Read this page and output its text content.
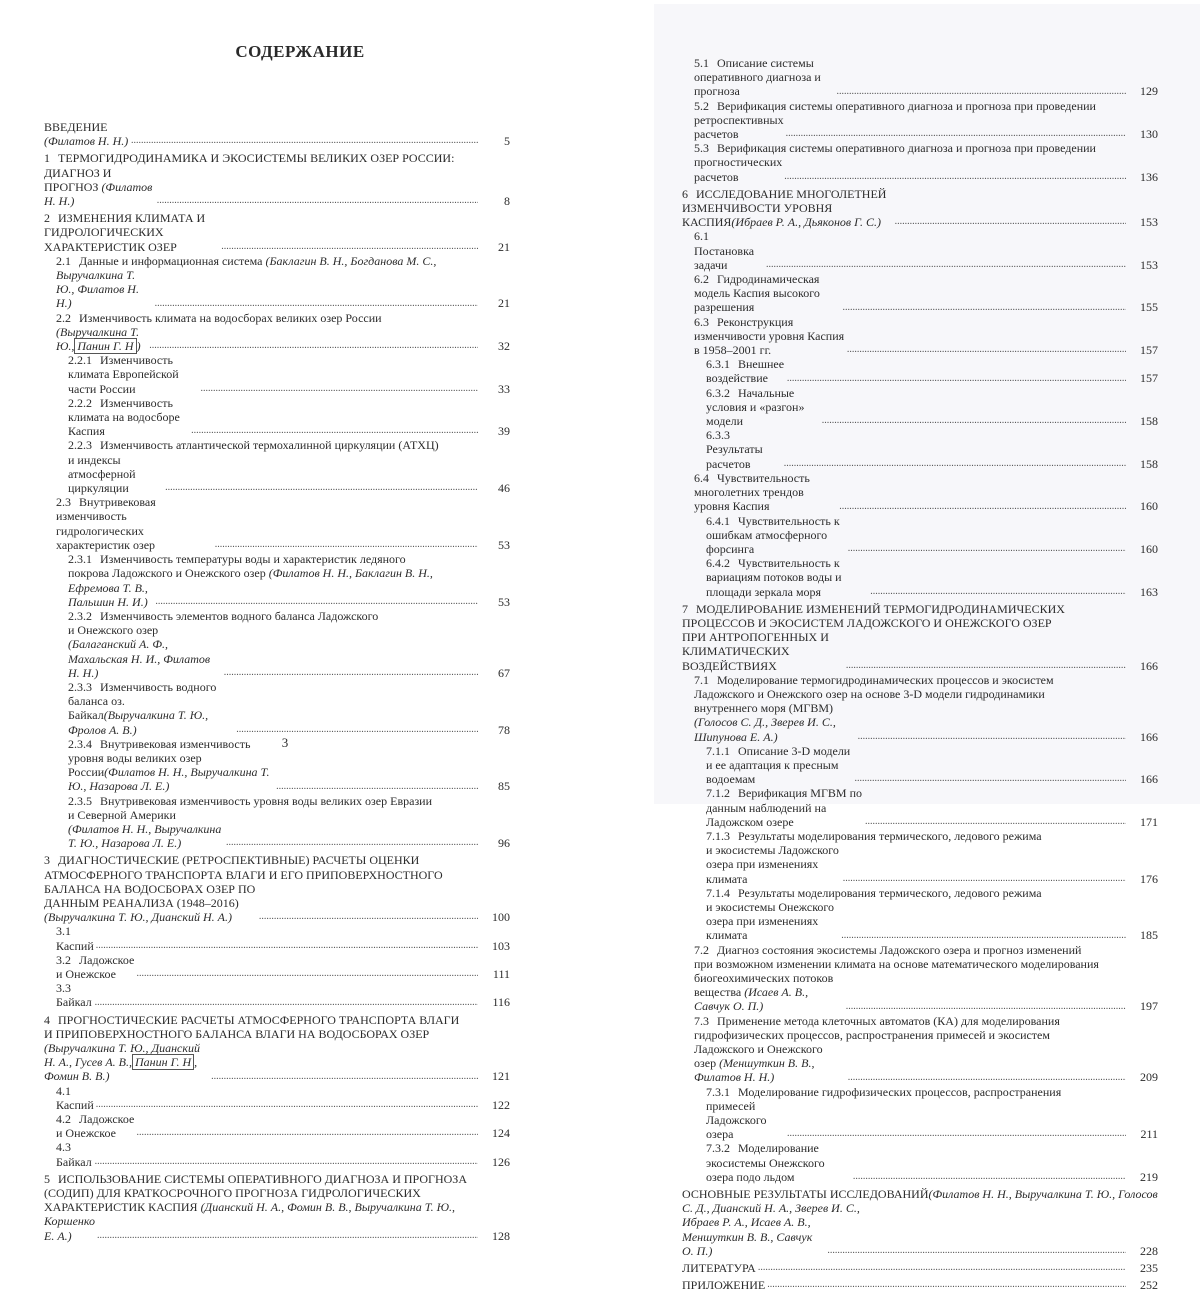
СОДЕРЖАНИЕ
ВВЕДЕНИЕ (Филатов Н. Н.) .....	5
1 ТЕРМОГИДРОДИНАМИКА И ЭКОСИСТЕМЫ ВЕЛИКИХ ОЗЕР РОССИИ:
ДИАГНОЗ И ПРОГНОЗ (Филатов Н. Н.) .....	8
2 ИЗМЕНЕНИЯ КЛИМАТА И ГИДРОЛОГИЧЕСКИХ ХАРАКТЕРИСТИК ОЗЕР .....	21
2.1 Данные и информационная система (Баклагин В. Н., Богданова М. С.,
Выручалкина Т. Ю., Филатов Н. Н.) .....	21
2.2 Изменчивость климата на водосборах великих озер России
(Выручалкина Т. Ю., Панин Г. Н ) .....	32
2.2.1 Изменчивость климата Европейской части России .....	33
2.2.2 Изменчивость климата на водосборе Каспия .....	39
2.2.3 Изменчивость атлантической термохалинной циркуляции (АТХЦ)
и индексы атмосферной циркуляции .....	46
2.3 Внутривековая изменчивость гидрологических характеристик озер .....	53
2.3.1 Изменчивость температуры воды и характеристик ледяного
покрова Ладожского и Онежского озер (Филатов Н. Н., Баклагин В. Н.,
Ефремова Т. В., Пальшин Н. И.) .....	53
2.3.2 Изменчивость элементов водного баланса Ладожского
и Онежского озер (Балаганский А. Ф., Махальская Н. И., Филатов Н. Н.) .....	67
2.3.3 Изменчивость водного баланса оз. Байкал(Выручалкина Т. Ю., Фролов А. В.) .....	78
2.3.4 Внутривековая изменчивость уровня воды великих озер России(Филатов Н. Н., Выручалкина Т. Ю., Назарова Л. Е.) .....	85
2.3.5 Внутривековая изменчивость уровня воды великих озер Евразии
и Северной Америки (Филатов Н. Н., Выручалкина Т. Ю., Назарова Л. Е.) .....	96
3 ДИАГНОСТИЧЕСКИЕ (РЕТРОСПЕКТИВНЫЕ) РАСЧЕТЫ ОЦЕНКИ
АТМОСФЕРНОГО ТРАНСПОРТА ВЛАГИ И ЕГО ПРИПОВЕРХНОСТНОГО
БАЛАНСА НА ВОДОСБОРАХ ОЗЕР ПО ДАННЫМ РЕАНАЛИЗА (1948–2016)(Выручалкина Т. Ю., Дианский Н. А.) .....	100
3.1Каспий .....	103
3.2 Ладожское и Онежское .....	111
3.3Байкал .....	116
4 ПРОГНОСТИЧЕСКИЕ РАСЧЕТЫ АТМОСФЕРНОГО ТРАНСПОРТА ВЛАГИ
И ПРИПОВЕРХНОСТНОГО БАЛАНСА ВЛАГИ НА ВОДОСБОРАХ ОЗЕР
(Выручалкина Т. Ю., Дианский Н. А., Гусев А. В., Панин Г. Н , Фомин В. В.) .....	121
4.1Каспий .....	122
4.2 Ладожское и Онежское .....	124
4.3Байкал .....	126
5 ИСПОЛЬЗОВАНИЕ СИСТЕМЫ ОПЕРАТИВНОГО ДИАГНОЗА И ПРОГНОЗА
(СОДИП) ДЛЯ КРАТКОСРОЧНОГО ПРОГНОЗА ГИДРОЛОГИЧЕСКИХ
ХАРАКТЕРИСТИК КАСПИЯ (Дианский Н. А., Фомин В. В., Выручалкина Т. Ю.,
Коршенко Е. А.) .....	128
3
5.1 Описание системы оперативного диагноза и прогноза .....	129
5.2 Верификация системы оперативного диагноза и прогноза при проведении
ретроспективных расчетов .....	130
5.3 Верификация системы оперативного диагноза и прогноза при проведении
прогностических расчетов .....	136
6 ИССЛЕДОВАНИЕ МНОГОЛЕТНЕЙ ИЗМЕНЧИВОСТИ УРОВНЯ КАСПИЯ(Ибраев Р. А., Дьяконов Г. С.) .....	153
6.1Постановка задачи .....	153
6.2 Гидродинамическая модель Каспия высокого разрешения .....	155
6.3 Реконструкция изменчивости уровня Каспия в 1958–2001 гг. .....	157
6.3.1 Внешнее воздействие .....	157
6.3.2 Начальные условия и «разгон» модели .....	158
6.3.3Результаты расчетов .....	158
6.4 Чувствительность многолетних трендов уровня Каспия .....	160
6.4.1 Чувствительность к ошибкам атмосферного форсинга .....	160
6.4.2 Чувствительность к вариациям потоков воды и площади зеркала моря .....	163
7 МОДЕЛИРОВАНИЕ ИЗМЕНЕНИЙ ТЕРМОГИДРОДИНАМИЧЕСКИХ
ПРОЦЕССОВ И ЭКОСИСТЕМ ЛАДОЖСКОГО И ОНЕЖСКОГО ОЗЕР
ПРИ АНТРОПОГЕННЫХ И КЛИМАТИЧЕСКИХ ВОЗДЕЙСТВИЯХ .....	166
7.1 Моделирование термогидродинамических процессов и экосистем
Ладожского и Онежского озер на основе 3-D модели гидродинамики
внутреннего моря (МГВМ) (Голосов С. Д., Зверев И. С., Шипунова Е. А.) .....	166
7.1.1 Описание 3-D модели и ее адаптация к пресным водоемам .....	166
7.1.2 Верификация МГВМ по данным наблюдений на Ладожском озере .....	171
7.1.3 Результаты моделирования термического, ледового режима
и экосистемы Ладожского озера при изменениях климата .....	176
7.1.4 Результаты моделирования термического, ледового режима
и экосистемы Онежского озера при изменениях климата .....	185
7.2 Диагноз состояния экосистемы Ладожского озера и прогноз изменений
при возможном изменении климата на основе математического моделирования
биогеохимических потоков вещества (Исаев А. В., Савчук О. П.) .....	197
7.3 Применение метода клеточных автоматов (КА) для моделирования
гидрофизических процессов, распространения примесей и экосистем
Ладожского и Онежского озер (Меншуткин В. В., Филатов Н. Н.) .....	209
7.3.1 Моделирование гидрофизических процессов, распространения
примесей Ладожского озера .....	211
7.3.2 Моделирование экосистемы Онежского озера подо льдом .....	219
ОСНОВНЫЕ РЕЗУЛЬТАТЫ ИССЛЕДОВАНИЙ(Филатов Н. Н., Выручалкина Т. Ю., Голосов С. Д., Дианский Н. А., Зверев И. С.,
Ибраев Р. А., Исаев А. В., Меншуткин В. В., Савчук О. П.) .....	228
ЛИТЕРАТУРА .....	235
ПРИЛОЖЕНИЕ .....	252
